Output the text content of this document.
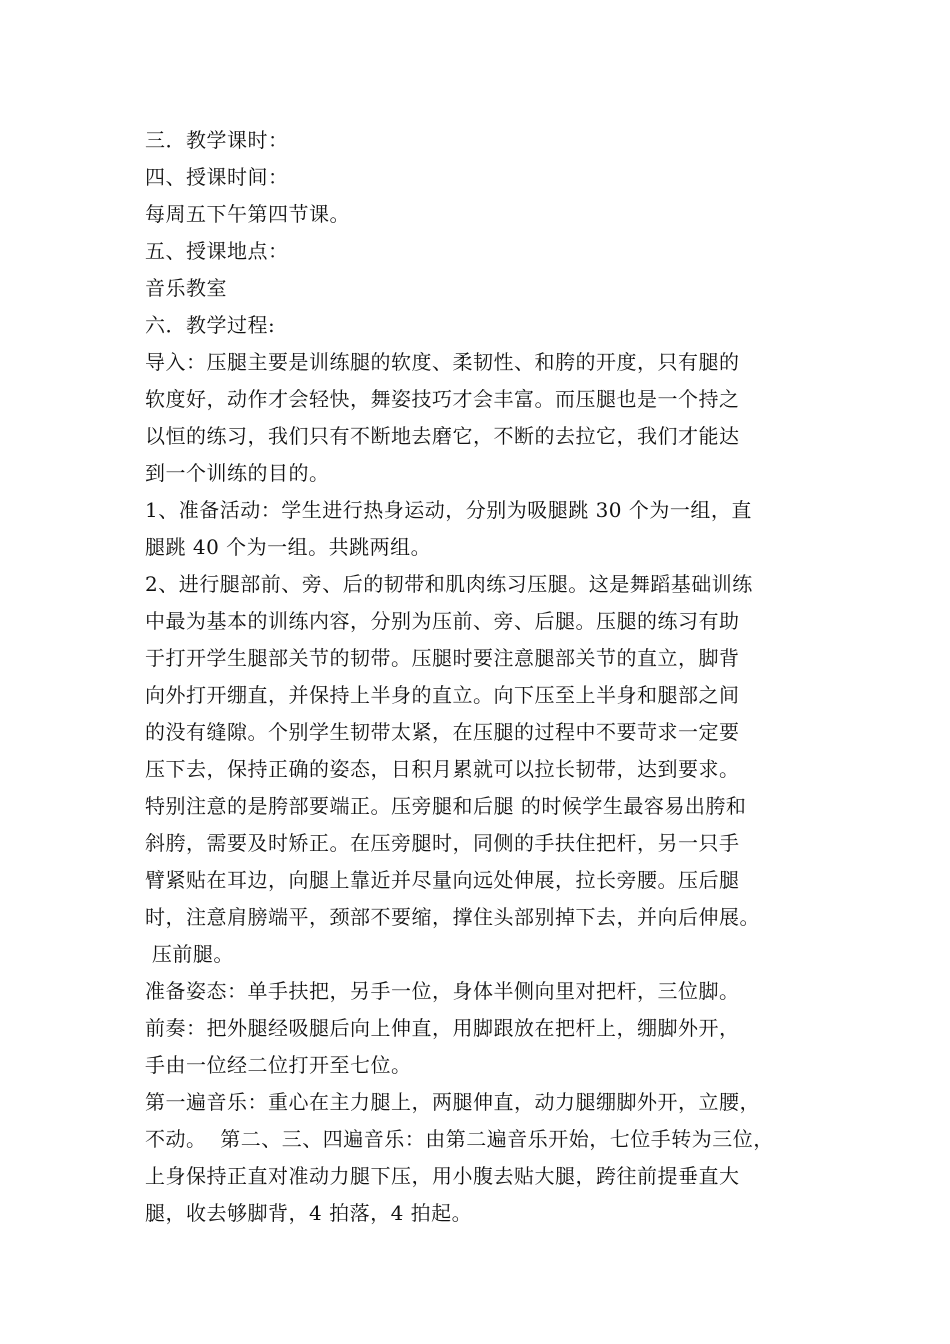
三．教学课时：
四、授课时间：
每周五下午第四节课。
五、授课地点：
音乐教室
六．教学过程:
导入：压腿主要是训练腿的软度、柔韧性、和胯的开度，只有腿的
软度好，动作才会轻快，舞姿技巧才会丰富。而压腿也是一个持之
以恒的练习，我们只有不断地去磨它，不断的去拉它，我们才能达
到一个训练的目的。
1、准备活动：学生进行热身运动，分别为吸腿跳 30 个为一组，直
腿跳 40 个为一组。共跳两组。
2、进行腿部前、旁、后的韧带和肌肉练习压腿。这是舞蹈基础训练
中最为基本的训练内容，分别为压前、旁、后腿。压腿的练习有助
于打开学生腿部关节的韧带。压腿时要注意腿部关节的直立，脚背
向外打开绷直，并保持上半身的直立。向下压至上半身和腿部之间
的没有缝隙。个别学生韧带太紧，在压腿的过程中不要苛求一定要
压下去，保持正确的姿态，日积月累就可以拉长韧带，达到要求。
特别注意的是胯部要端正。压旁腿和后腿 的时候学生最容易出胯和
斜胯，需要及时矫正。在压旁腿时，同侧的手扶住把杆，另一只手
臂紧贴在耳边，向腿上靠近并尽量向远处伸展，拉长旁腰。压后腿
时，注意肩膀端平，颈部不要缩，撑住头部别掉下去，并向后伸展。
压前腿。
准备姿态：单手扶把，另手一位，身体半侧向里对把杆，三位脚。
前奏：把外腿经吸腿后向上伸直，用脚跟放在把杆上，绷脚外开，
手由一位经二位打开至七位。
第一遍音乐：重心在主力腿上，两腿伸直，动力腿绷脚外开，立腰，
不动。  第二、三、四遍音乐：由第二遍音乐开始，七位手转为三位，
上身保持正直对准动力腿下压，用小腹去贴大腿，跨往前提垂直大
腿，收去够脚背，4 拍落，4 拍起。
